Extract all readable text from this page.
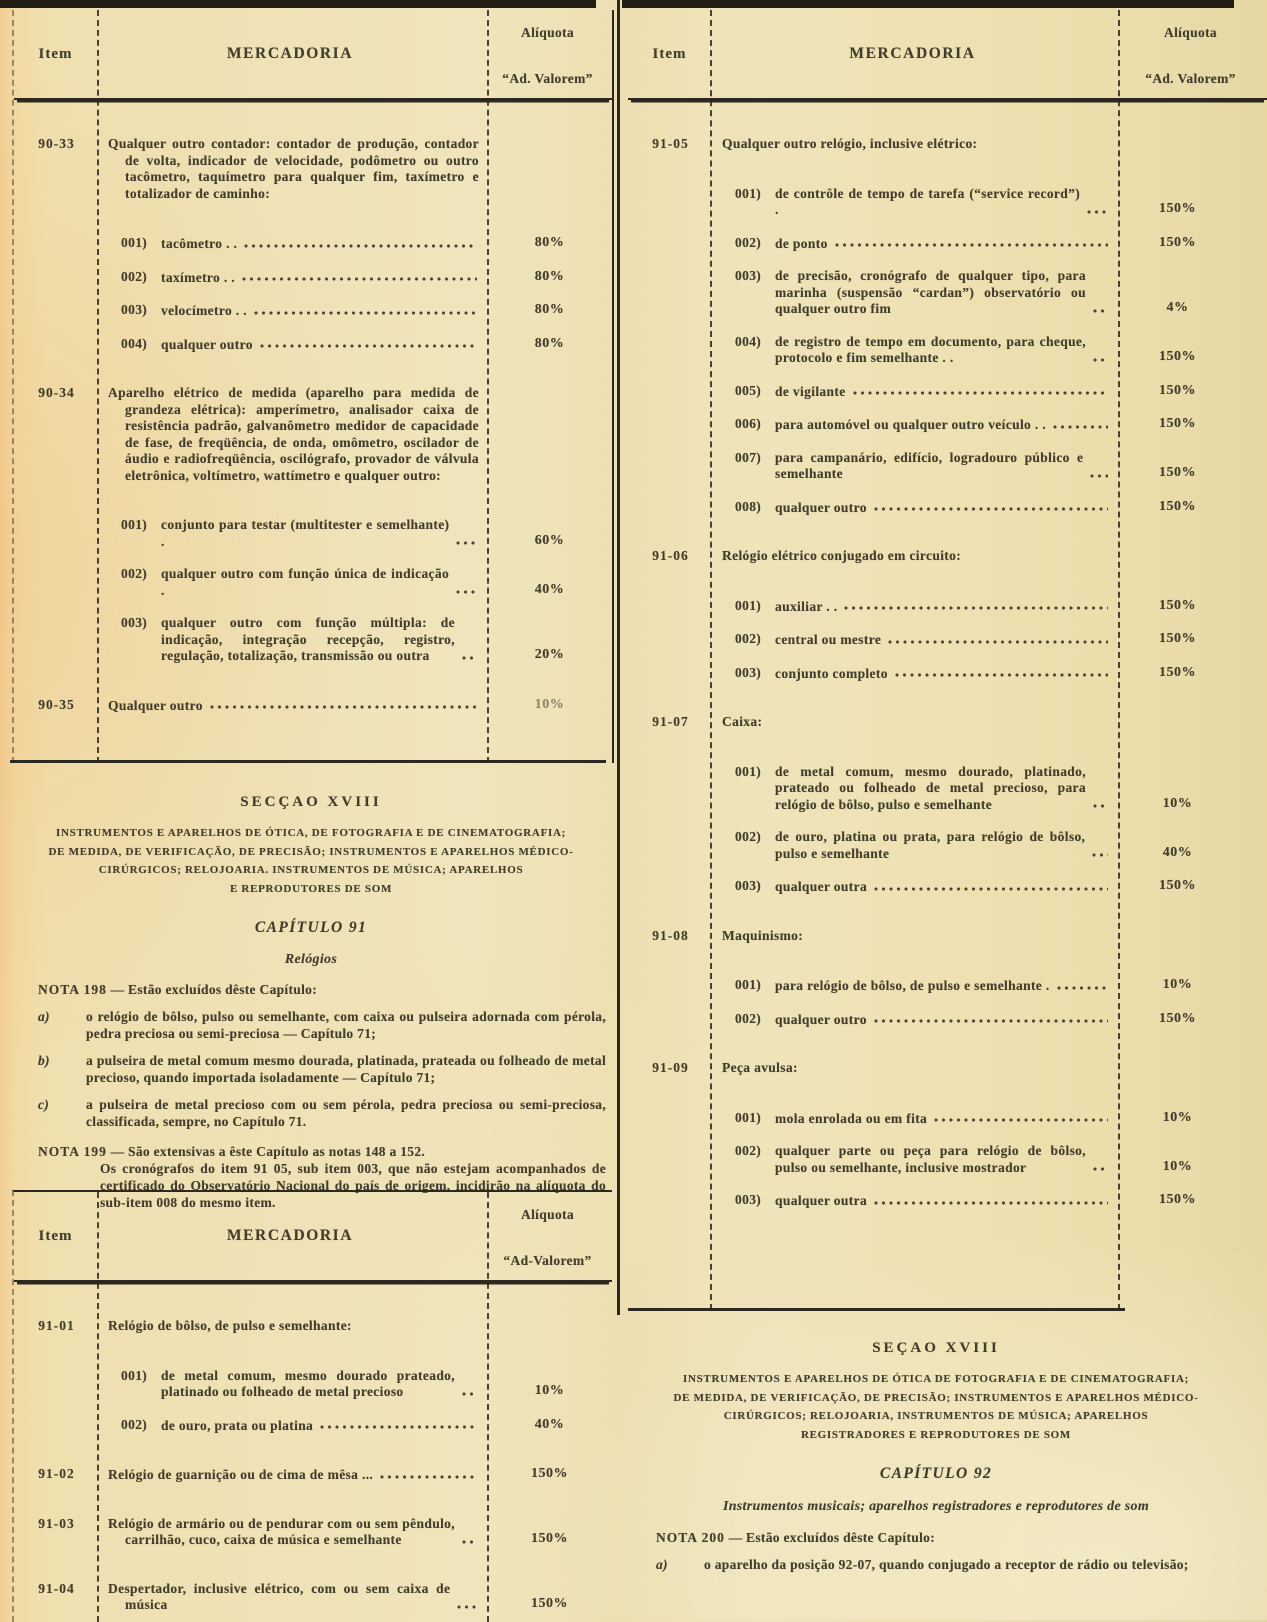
Item	MERCADORIA
Alíquota
“Ad. Valorem”
90-33	Qualquer outro contador: contador de produção, contador de volta, indicador de velocidade, podômetro ou outro tacômetro, taquímetro para qualquer fim, taxímetro e totalizador de caminho:
001)	tacômetro . .	80%
002)	taxímetro . .	80%
003)	velocímetro . .	80%
004)	qualquer outro	80%
90-34	Aparelho elétrico de medida (aparelho para medida de grandeza elétrica): amperímetro, analisador caixa de resistência padrão, galvanômetro medidor de capacidade de fase, de freqüência, de onda, omômetro, oscilador de áudio e radiofreqüência, oscilógrafo, provador de válvula eletrônica, voltímetro, wattímetro e qualquer outro:
001)	conjunto para testar (multitester e semelhante) .	60%
002)	qualquer outro com função única de indicação .	40%
003)	qualquer outro com função múltipla: de indicação, integração recepção, registro, regulação, totalização, transmissão ou outra	20%
90-35	Qualquer outro	10%
SECÇAO XVIII
INSTRUMENTOS E APARELHOS DE ÓTICA, DE FOTOGRAFIA E DE CINEMATOGRAFIA;
DE MEDIDA, DE VERIFICAÇÃO, DE PRECISÃO; INSTRUMENTOS E APARELHOS MÉDICO-
CIRÚRGICOS; RELOJOARIA. INSTRUMENTOS DE MÚSICA; APARELHOS
E REPRODUTORES DE SOM
CAPÍTULO 91
Relógios
NOTA 198 — Estão excluídos dêste Capítulo:
a)	o relógio de bôlso, pulso ou semelhante, com caixa ou pulseira adornada com pérola, pedra preciosa ou semi-preciosa — Capítulo 71;
b)	a pulseira de metal comum mesmo dourada, platinada, prateada ou folheado de metal precioso, quando importada isoladamente — Capítulo 71;
c)	a pulseira de metal precioso com ou sem pérola, pedra preciosa ou semi-preciosa, classificada, sempre, no Capítulo 71.
NOTA 199 — São extensivas a êste Capítulo as notas 148 a 152.
Os cronógrafos do item 91 05, sub item 003, que não estejam acompanhados de certificado do Observatório Nacional do país de origem, incidirão na alíquota do sub-item 008 do mesmo item.
Item	MERCADORIA
Alíquota
“Ad-Valorem”
91-01	Relógio de bôlso, de pulso e semelhante:
001)	de metal comum, mesmo dourado prateado, platinado ou folheado de metal precioso	10%
002)	de ouro, prata ou platina	40%
91-02	Relógio de guarnição ou de cima de mêsa ...	150%
91-03	Relógio de armário ou de pendurar com ou sem pêndulo, carrilhão, cuco, caixa de música e semelhante	150%
91-04	Despertador, inclusive elétrico, com ou sem caixa de música	150%
Item	MERCADORIA
Alíquota
“Ad. Valorem”
91-05	Qualquer outro relógio, inclusive elétrico:
001)	de contrôle de tempo de tarefa (“service record”) .	150%
002)	de ponto	150%
003)	de precisão, cronógrafo de qualquer tipo, para marinha (suspensão “cardan”) observatório ou qualquer outro fim	4%
004)	de registro de tempo em documento, para cheque, protocolo e fim semelhante . .	150%
005)	de vigilante	150%
006)	para automóvel ou qualquer outro veículo . .	150%
007)	para campanário, edifício, logradouro público e semelhante	150%
008)	qualquer outro	150%
91-06	Relógio elétrico conjugado em circuito:
001)	auxiliar . .	150%
002)	central ou mestre	150%
003)	conjunto completo	150%
91-07	Caixa:
001)	de metal comum, mesmo dourado, platinado, prateado ou folheado de metal precioso, para relógio de bôlso, pulso e semelhante	10%
002)	de ouro, platina ou prata, para relógio de bôlso, pulso e semelhante	40%
003)	qualquer outra	150%
91-08	Maquinismo:
001)	para relógio de bôlso, de pulso e semelhante .	10%
002)	qualquer outro	150%
91-09	Peça avulsa:
001)	mola enrolada ou em fita	10%
002)	qualquer parte ou peça para relógio de bôlso, pulso ou semelhante, inclusive mostrador	10%
003)	qualquer outra	150%
SEÇAO XVIII
INSTRUMENTOS E APARELHOS DE ÓTICA DE FOTOGRAFIA E DE CINEMATOGRAFIA;
DE MEDIDA, DE VERIFICAÇÃO, DE PRECISÃO; INSTRUMENTOS E APARELHOS MÉDICO-
CIRÚRGICOS; RELOJOARIA, INSTRUMENTOS DE MÚSICA; APARELHOS
REGISTRADORES E REPRODUTORES DE SOM
CAPÍTULO 92
Instrumentos musicais; aparelhos registradores e reprodutores de som
NOTA 200 — Estão excluídos dêste Capítulo:
a)	o aparelho da posição 92-07, quando conjugado a receptor de rádio ou televisão;
